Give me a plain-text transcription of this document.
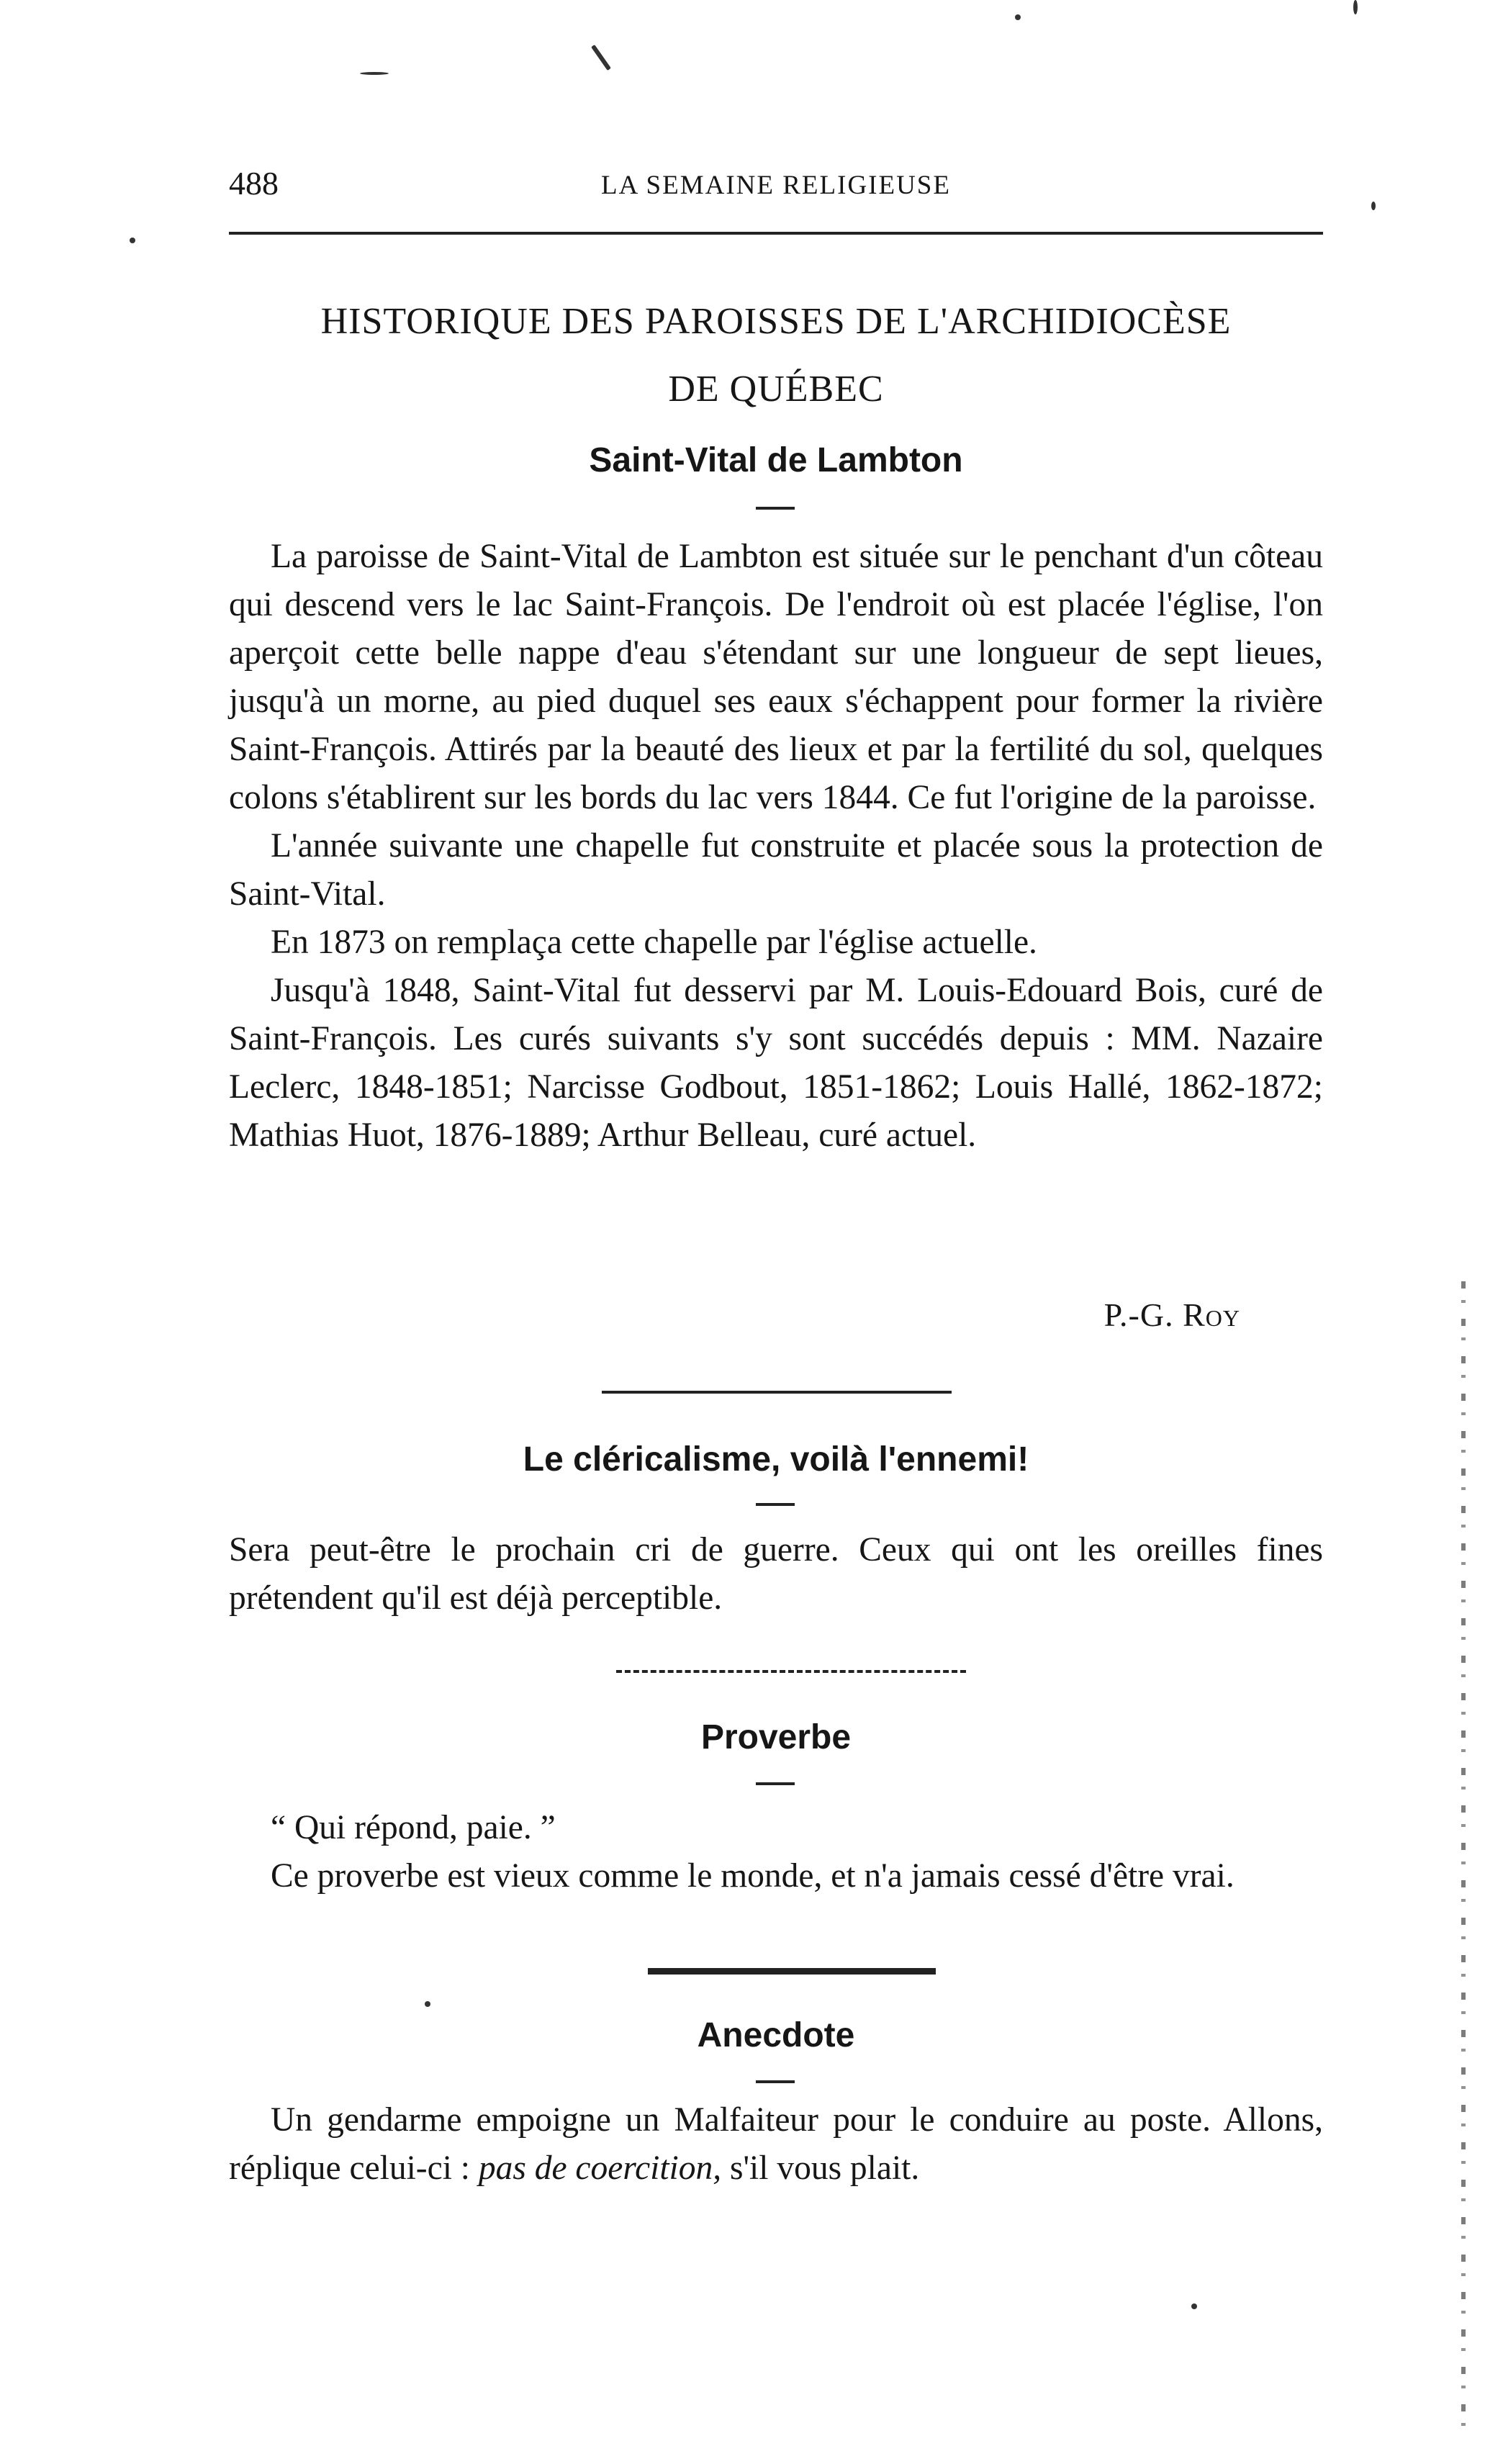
488	LA SEMAINE RELIGIEUSE
HISTORIQUE DES PAROISSES DE L'ARCHIDIOCÈSE
DE QUÉBEC
Saint-Vital de Lambton

La paroisse de Saint-Vital de Lambton est située sur le penchant d'un côteau qui descend vers le lac Saint-François. De l'endroit où est placée l'église, l'on aperçoit cette belle nappe d'eau s'étendant sur une longueur de sept lieues, jusqu'à un morne, au pied duquel ses eaux s'échappent pour former la rivière Saint-François. Attirés par la beauté des lieux et par la fertilité du sol, quelques colons s'établirent sur les bords du lac vers 1844. Ce fut l'origine de la paroisse.

L'année suivante une chapelle fut construite et placée sous la protection de Saint-Vital.

En 1873 on remplaça cette chapelle par l'église actuelle.

Jusqu'à 1848, Saint-Vital fut desservi par M. Louis-Edouard Bois, curé de Saint-François. Les curés suivants s'y sont succédés depuis : MM. Nazaire Leclerc, 1848-1851; Narcisse Godbout, 1851-1862; Louis Hallé, 1862-1872; Mathias Huot, 1876-1889; Arthur Belleau, curé actuel.

P.-G. Roy
Le cléricalisme, voilà l'ennemi!

Sera peut-être le prochain cri de guerre. Ceux qui ont les oreilles fines prétendent qu'il est déjà perceptible.

Proverbe

“ Qui répond, paie. ”

Ce proverbe est vieux comme le monde, et n'a jamais cessé d'être vrai.

Anecdote

Un gendarme empoigne un Malfaiteur pour le conduire au poste. Allons, réplique celui-ci : pas de coercition, s'il vous plait.
